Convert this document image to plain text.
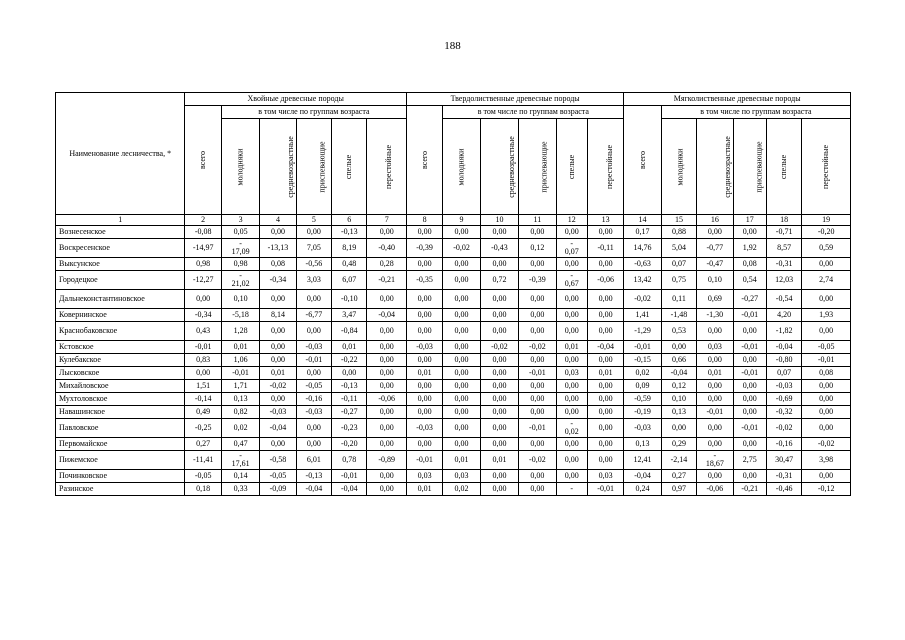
188
Наименование лесничества, *	Хвойные древесные породы						Твердолиственные древесные породы						Мягколиственные древесные породы					
	всего	в том числе по группам возраста					всего	в том числе по группам возраста					всего	в том числе по группам возраста				
		молодняки	средневозрастные	приспевающие	спелые	перестойные		молодняки	средневозрастные	приспевающие	спелые	перестойные		молодняки	средневозрастные	приспевающие	спелые	перестойные
1	2	3	4	5	6	7	8	9	10	11	12	13	14	15	16	17	18	19
Вознесенское	-0,08	0,05	0,00	0,00	-0,13	0,00	0,00	0,00	0,00	0,00	0,00	0,00	0,17	0,88	0,00	0,00	-0,71	-0,20
Воскресенское	-14,97	-
17,09	-13,13	7,05	8,19	-0,40	-0,39	-0,02	-0,43	0,12	-
0,07	-0,11	14,76	5,04	-0,77	1,92	8,57	0,59
Выксунское	0,98	0,98	0,08	-0,56	0,48	0,28	0,00	0,00	0,00	0,00	0,00	0,00	-0,63	0,07	-0,47	0,08	-0,31	0,00
Городецкое	-12,27	-
21,02	-0,34	3,03	6,07	-0,21	-0,35	0,00	0,72	-0,39	-
0,67	-0,06	13,42	0,75	0,10	0,54	12,03	2,74
Дальнеконстантиновское	0,00	0,10	0,00	0,00	-0,10	0,00	0,00	0,00	0,00	0,00	0,00	0,00	-0,02	0,11	0,69	-0,27	-0,54	0,00
Ковернинское	-0,34	-5,18	8,14	-6,77	3,47	-0,04	0,00	0,00	0,00	0,00	0,00	0,00	1,41	-1,48	-1,30	-0,01	4,20	1,93
Краснобаковское	0,43	1,28	0,00	0,00	-0,84	0,00	0,00	0,00	0,00	0,00	0,00	0,00	-1,29	0,53	0,00	0,00	-1,82	0,00
Кстовское	-0,01	0,01	0,00	-0,03	0,01	0,00	-0,03	0,00	-0,02	-0,02	0,01	-0,04	-0,01	0,00	0,03	-0,01	-0,04	-0,05
Кулебакское	0,83	1,06	0,00	-0,01	-0,22	0,00	0,00	0,00	0,00	0,00	0,00	0,00	-0,15	0,66	0,00	0,00	-0,80	-0,01
Лысковское	0,00	-0,01	0,01	0,00	0,00	0,00	0,01	0,00	0,00	-0,01	0,03	0,01	0,02	-0,04	0,01	-0,01	0,07	0,08
Михайловское	1,51	1,71	-0,02	-0,05	-0,13	0,00	0,00	0,00	0,00	0,00	0,00	0,00	0,09	0,12	0,00	0,00	-0,03	0,00
Мухтоловское	-0,14	0,13	0,00	-0,16	-0,11	-0,06	0,00	0,00	0,00	0,00	0,00	0,00	-0,59	0,10	0,00	0,00	-0,69	0,00
Навашинское	0,49	0,82	-0,03	-0,03	-0,27	0,00	0,00	0,00	0,00	0,00	0,00	0,00	-0,19	0,13	-0,01	0,00	-0,32	0,00
Павловское	-0,25	0,02	-0,04	0,00	-0,23	0,00	-0,03	0,00	0,00	-0,01	-
0,02	0,00	-0,03	0,00	0,00	-0,01	-0,02	0,00
Первомайское	0,27	0,47	0,00	0,00	-0,20	0,00	0,00	0,00	0,00	0,00	0,00	0,00	0,13	0,29	0,00	0,00	-0,16	-0,02
Пижемское	-11,41	-
17,61	-0,58	6,01	0,78	-0,89	-0,01	0,01	0,01	-0,02	0,00	0,00	12,41	-2,14	-
18,67	2,75	30,47	3,98
Починковское	-0,05	0,14	-0,05	-0,13	-0,01	0,00	0,03	0,03	0,00	0,00	0,00	0,03	-0,04	0,27	0,00	0,00	-0,31	0,00
Разинское	0,18	0,33	-0,09	-0,04	-0,04	0,00	0,01	0,02	0,00	0,00	-	-0,01	0,24	0,97	-0,06	-0,21	-0,46	-0,12
